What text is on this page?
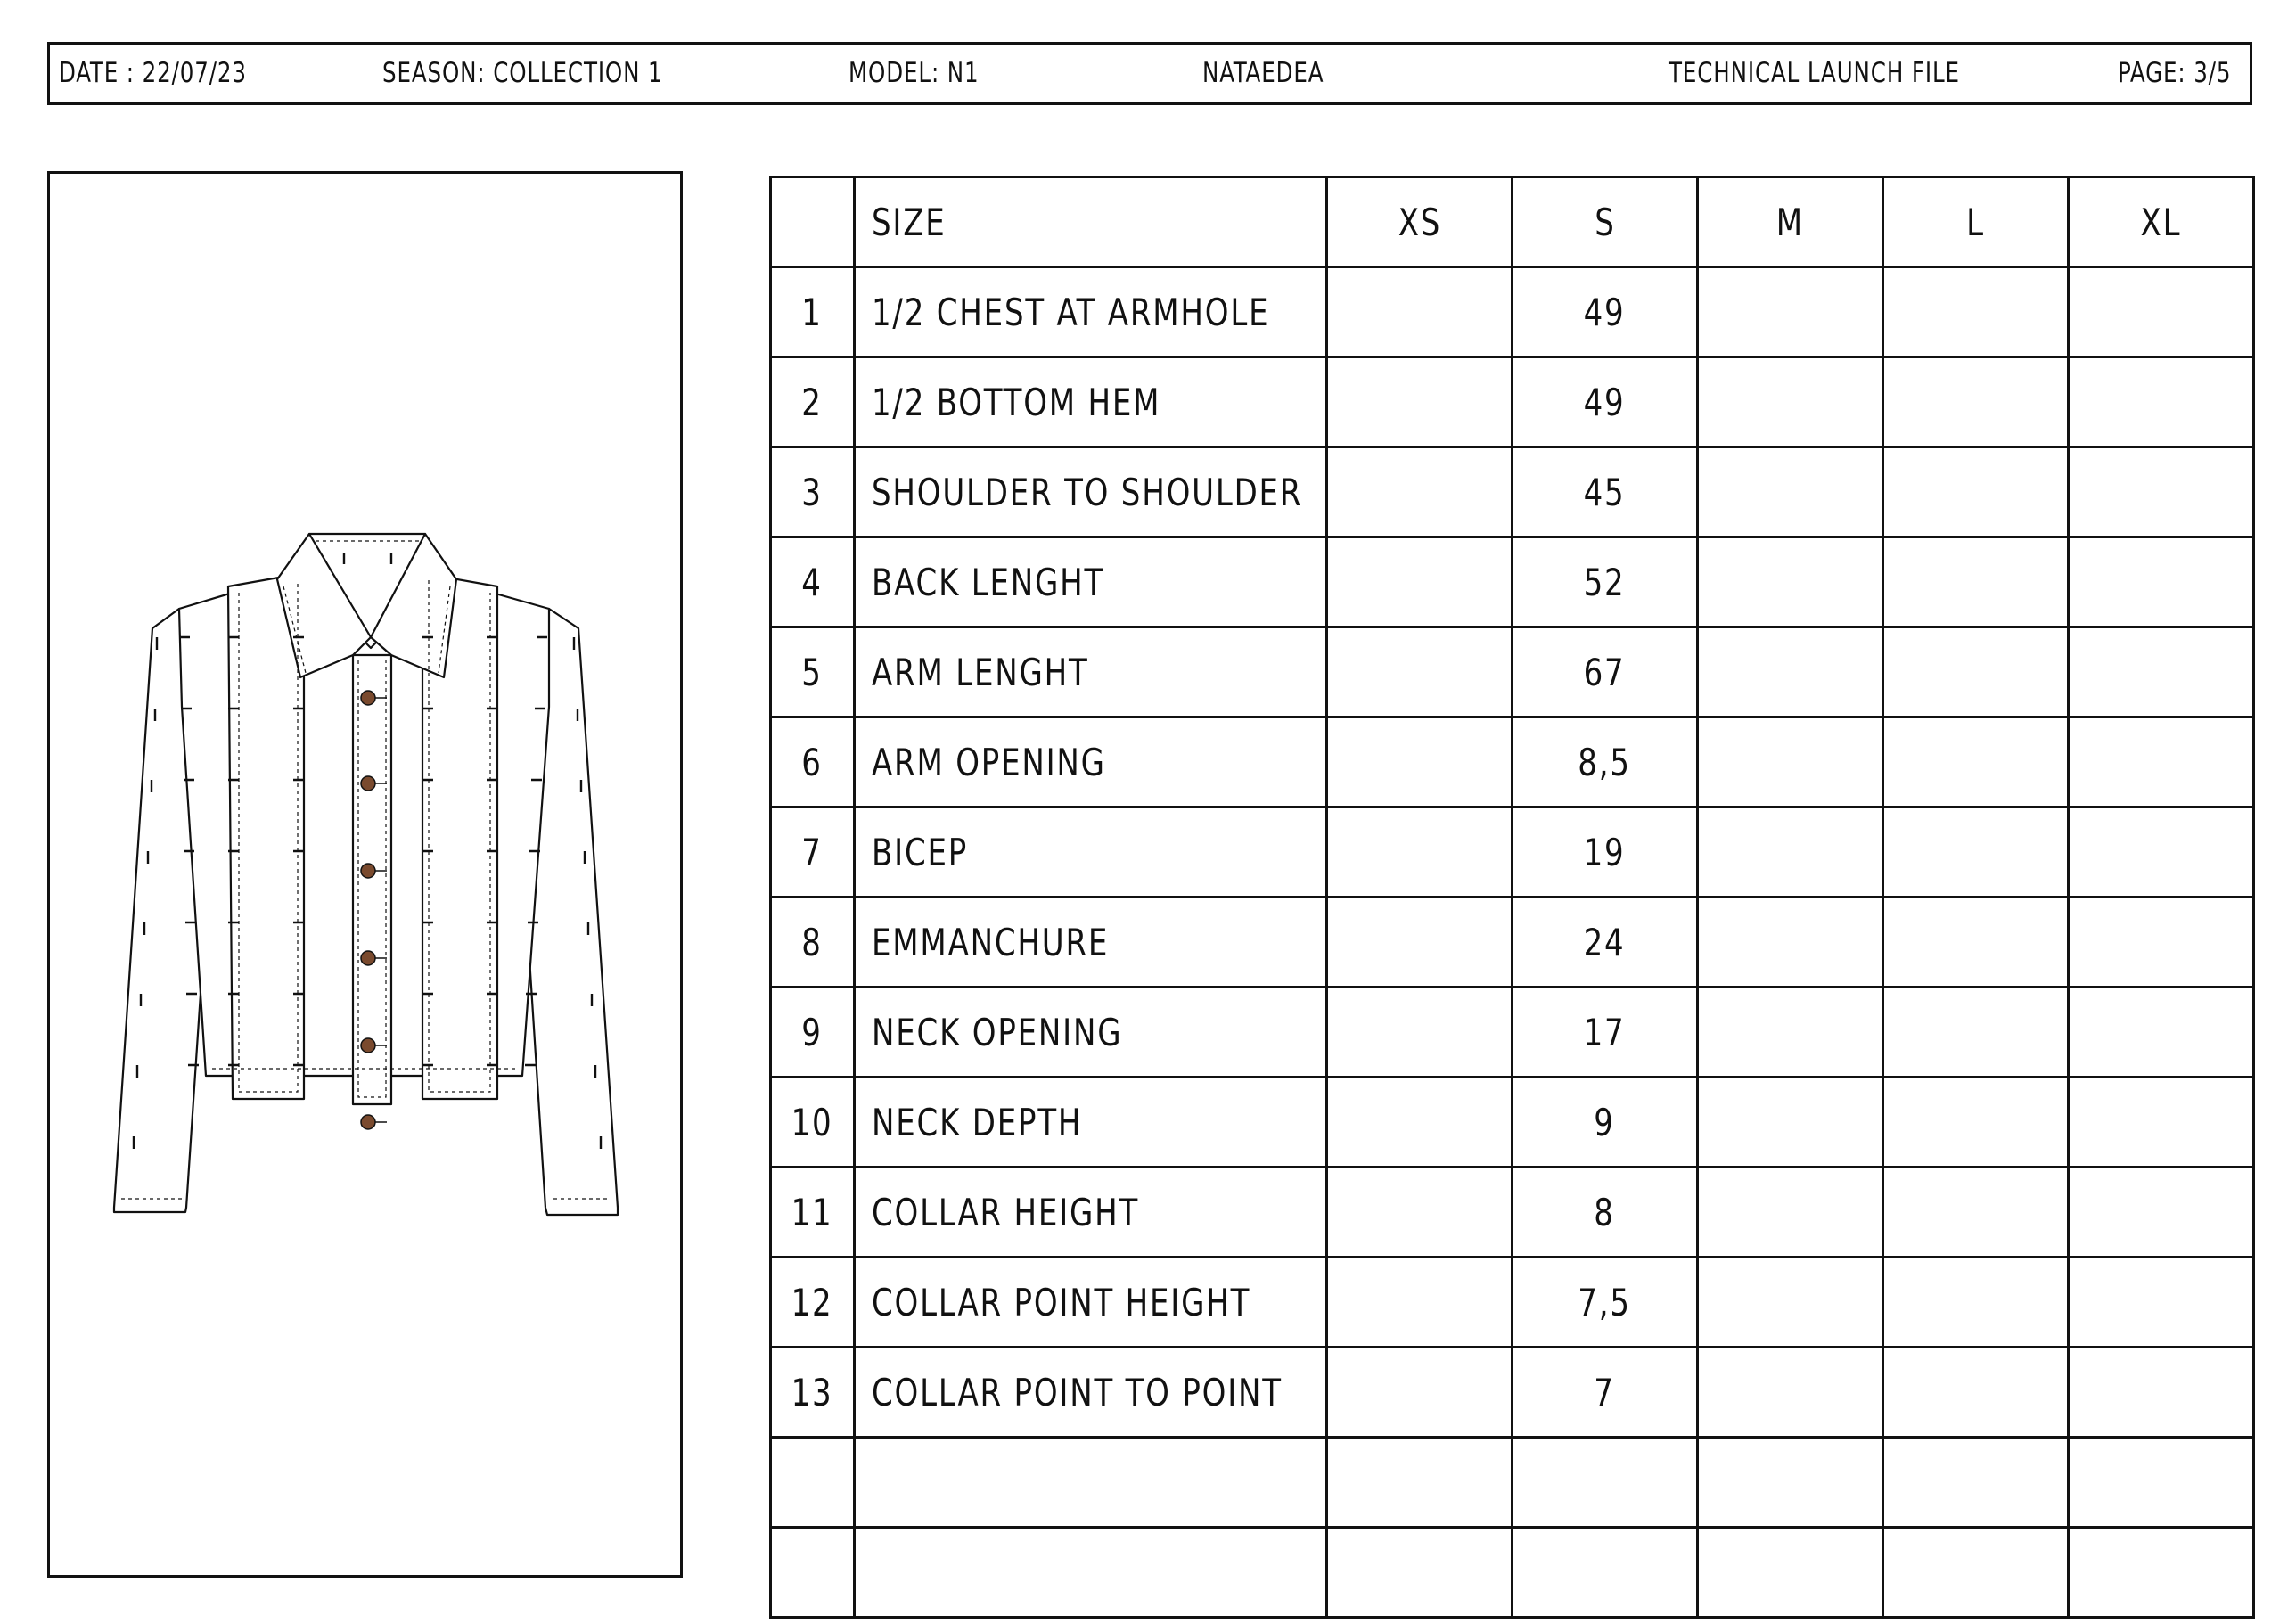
DATE : 22/07/23	SEASON: COLLECTION 1	MODEL: N1	NATAEDEA	TECHNICAL LAUNCH FILE	PAGE: 3/5
	SIZE	XS	S	M	L	XL
1	1/2 CHEST AT ARMHOLE		49			
2	1/2 BOTTOM HEM		49			
3	SHOULDER TO SHOULDER		45			
4	BACK LENGHT		52			
5	ARM LENGHT		67			
6	ARM OPENING		8,5			
7	BICEP		19			
8	EMMANCHURE		24			
9	NECK OPENING		17			
10	NECK DEPTH		9			
11	COLLAR HEIGHT		8			
12	COLLAR POINT HEIGHT		7,5			
13	COLLAR POINT TO POINT		7			
